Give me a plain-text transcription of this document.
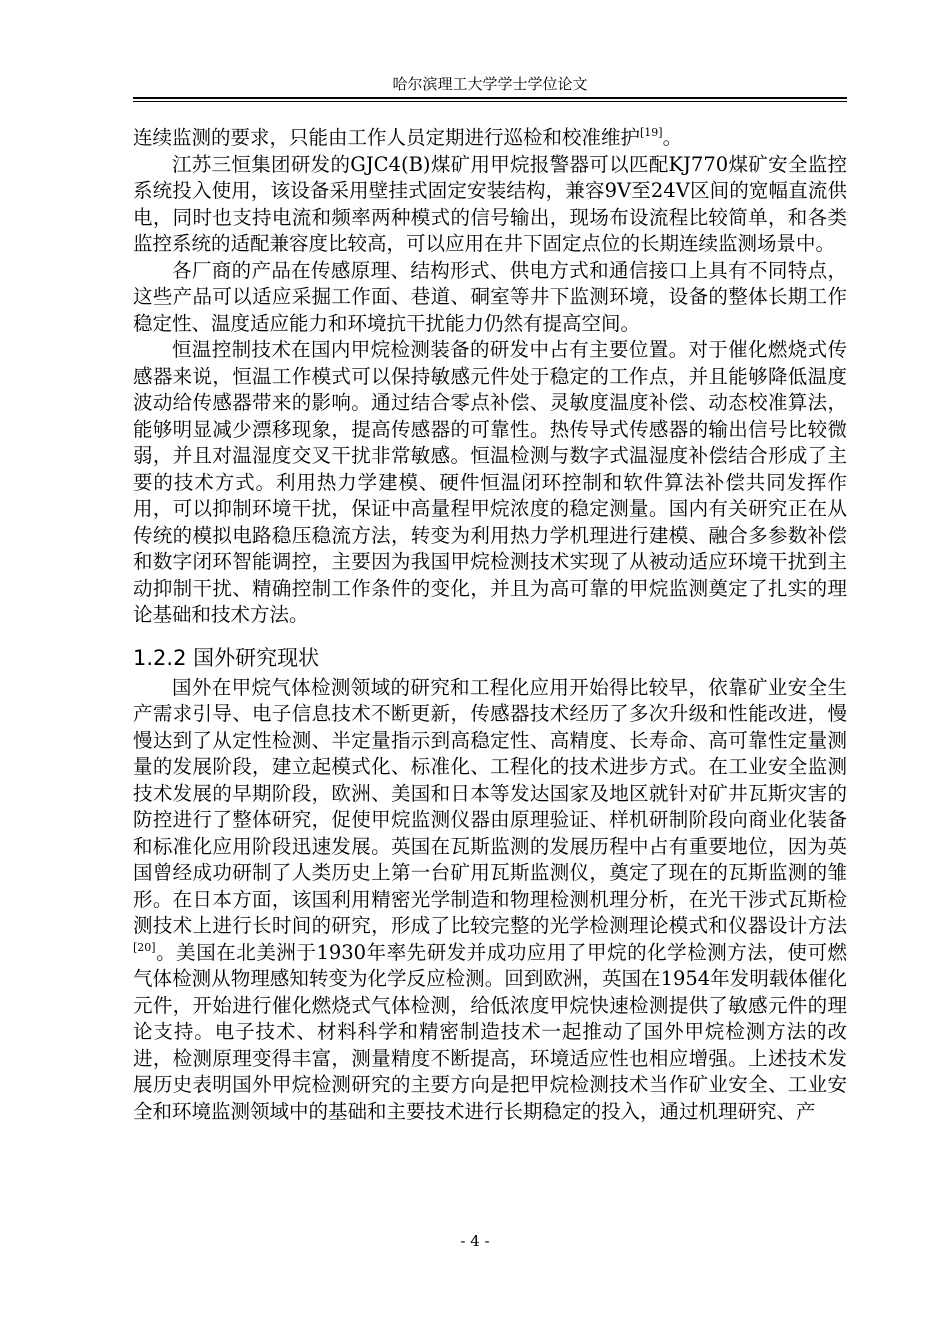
哈尔滨理工大学学士学位论文

连续监测的要求，只能由工作人员定期进行巡检和校准维护[19]。

江苏三恒集团研发的GJC4(B)煤矿用甲烷报警器可以匹配KJ770煤矿安全监控系统投入使用，该设备采用壁挂式固定安装结构，兼容9V至24V区间的宽幅直流供电，同时也支持电流和频率两种模式的信号输出，现场布设流程比较简单，和各类监控系统的适配兼容度比较高，可以应用在井下固定点位的长期连续监测场景中。

各厂商的产品在传感原理、结构形式、供电方式和通信接口上具有不同特点，这些产品可以适应采掘工作面、巷道、硐室等井下监测环境，设备的整体长期工作稳定性、温度适应能力和环境抗干扰能力仍然有提高空间。

恒温控制技术在国内甲烷检测装备的研发中占有主要位置。对于催化燃烧式传感器来说，恒温工作模式可以保持敏感元件处于稳定的工作点，并且能够降低温度波动给传感器带来的影响。通过结合零点补偿、灵敏度温度补偿、动态校准算法，能够明显减少漂移现象，提高传感器的可靠性。热传导式传感器的输出信号比较微弱，并且对温湿度交叉干扰非常敏感。恒温检测与数字式温湿度补偿结合形成了主要的技术方式。利用热力学建模、硬件恒温闭环控制和软件算法补偿共同发挥作用，可以抑制环境干扰，保证中高量程甲烷浓度的稳定测量。国内有关研究正在从传统的模拟电路稳压稳流方法，转变为利用热力学机理进行建模、融合多参数补偿和数字闭环智能调控，主要因为我国甲烷检测技术实现了从被动适应环境干扰到主动抑制干扰、精确控制工作条件的变化，并且为高可靠的甲烷监测奠定了扎实的理论基础和技术方法。

1.2.2 国外研究现状

国外在甲烷气体检测领域的研究和工程化应用开始得比较早，依靠矿业安全生产需求引导、电子信息技术不断更新，传感器技术经历了多次升级和性能改进，慢慢达到了从定性检测、半定量指示到高稳定性、高精度、长寿命、高可靠性定量测量的发展阶段，建立起模式化、标准化、工程化的技术进步方式。在工业安全监测技术发展的早期阶段，欧洲、美国和日本等发达国家及地区就针对矿井瓦斯灾害的防控进行了整体研究，促使甲烷监测仪器由原理验证、样机研制阶段向商业化装备和标准化应用阶段迅速发展。英国在瓦斯监测的发展历程中占有重要地位，因为英国曾经成功研制了人类历史上第一台矿用瓦斯监测仪，奠定了现在的瓦斯监测的雏形。在日本方面，该国利用精密光学制造和物理检测机理分析，在光干涉式瓦斯检测技术上进行长时间的研究，形成了比较完整的光学检测理论模式和仪器设计方法[20]。美国在北美洲于1930年率先研发并成功应用了甲烷的化学检测方法，使可燃气体检测从物理感知转变为化学反应检测。回到欧洲，英国在1954年发明载体催化元件，开始进行催化燃烧式气体检测，给低浓度甲烷快速检测提供了敏感元件的理论支持。电子技术、材料科学和精密制造技术一起推动了国外甲烷检测方法的改进，检测原理变得丰富，测量精度不断提高，环境适应性也相应增强。上述技术发展历史表明国外甲烷检测研究的主要方向是把甲烷检测技术当作矿业安全、工业安全和环境监测领域中的基础和主要技术进行长期稳定的投入，通过机理研究、产

- 4 -
